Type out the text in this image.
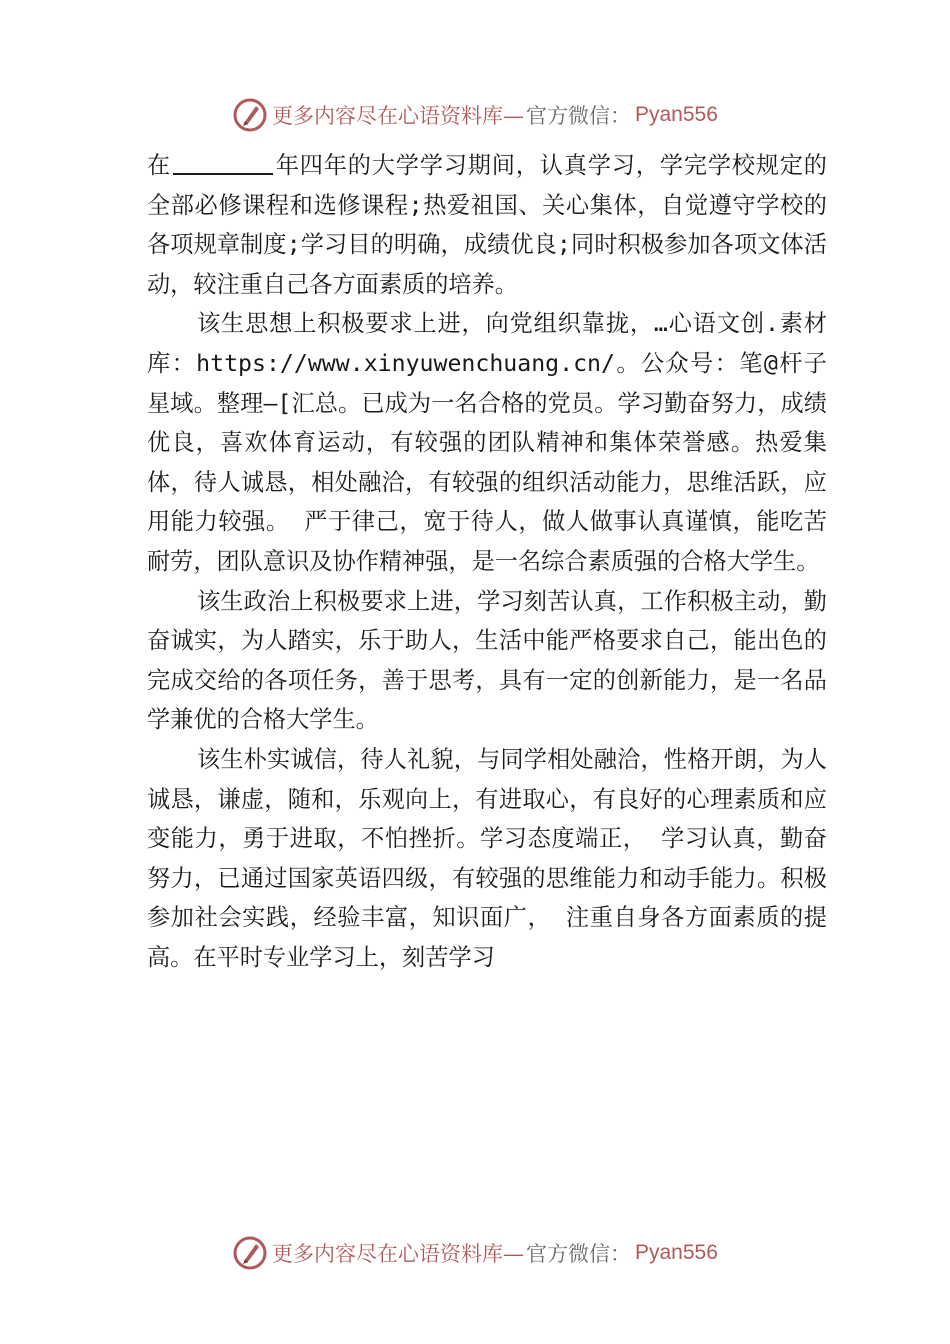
更多内容尽在心语资料库— 官方微信： Pyan556

在	年四年的大学学习期间，认真学习，学完学校规定的全部必修课程和选修课程;热爱祖国、关心集体，自觉遵守学校的各项规章制度;学习目的明确，成绩优良;同时积极参加各项文体活动，较注重自己各方面素质的培养。

该生思想上积极要求上进，向党组织靠拢，…心语文创.素材库：https://www.xinyuwenchuang.cn/。公众号：笔@杆子星域。整理—[汇总。已成为一名合格的党员。学习勤奋努力，成绩优良，喜欢体育运动，有较强的团队精神和集体荣誉感。热爱集体，待人诚恳，相处融洽，有较强的组织活动能力，思维活跃，应用能力较强。 严于律己，宽于待人，做人做事认真谨慎，能吃苦耐劳，团队意识及协作精神强，是一名综合素质强的合格大学生。

该生政治上积极要求上进，学习刻苦认真，工作积极主动，勤奋诚实，为人踏实，乐于助人，生活中能严格要求自己，能出色的完成交给的各项任务，善于思考，具有一定的创新能力，是一名品学兼优的合格大学生。

该生朴实诚信，待人礼貌，与同学相处融洽，性格开朗，为人诚恳，谦虚，随和，乐观向上，有进取心，有良好的心理素质和应变能力，勇于进取，不怕挫折。学习态度端正， 学习认真，勤奋努力，已通过国家英语四级，有较强的思维能力和动手能力。积极参加社会实践，经验丰富，知识面广， 注重自身各方面素质的提高。在平时专业学习上，刻苦学习

更多内容尽在心语资料库— 官方微信： Pyan556
